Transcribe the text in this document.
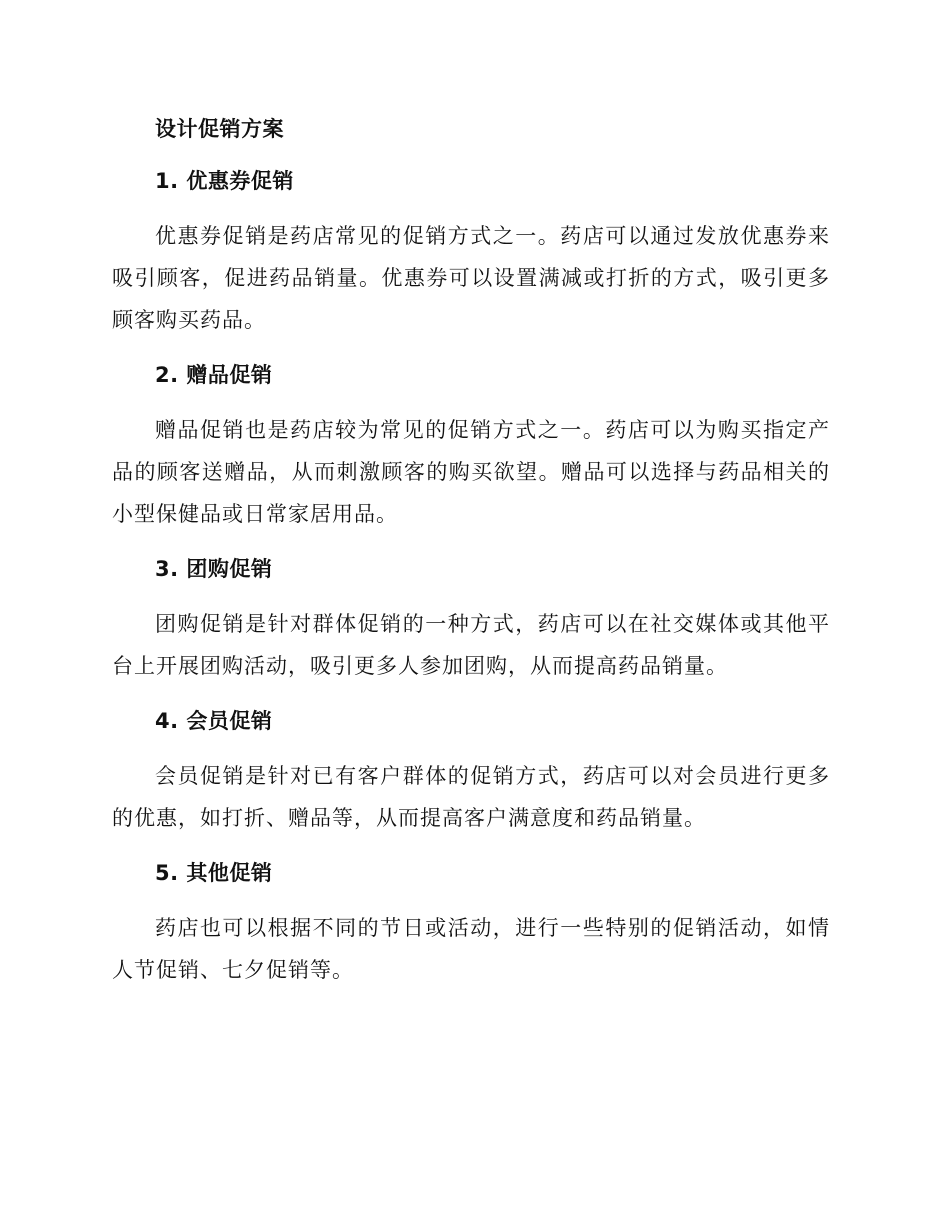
设计促销方案
1. 优惠券促销

优惠券促销是药店常见的促销方式之一。药店可以通过发放优惠券来吸引顾客，促进药品销量。优惠券可以设置满减或打折的方式，吸引更多顾客购买药品。

2. 赠品促销

赠品促销也是药店较为常见的促销方式之一。药店可以为购买指定产品的顾客送赠品，从而刺激顾客的购买欲望。赠品可以选择与药品相关的小型保健品或日常家居用品。

3. 团购促销

团购促销是针对群体促销的一种方式，药店可以在社交媒体或其他平台上开展团购活动，吸引更多人参加团购，从而提高药品销量。

4. 会员促销

会员促销是针对已有客户群体的促销方式，药店可以对会员进行更多的优惠，如打折、赠品等，从而提高客户满意度和药品销量。

5. 其他促销

药店也可以根据不同的节日或活动，进行一些特别的促销活动，如情人节促销、七夕促销等。
